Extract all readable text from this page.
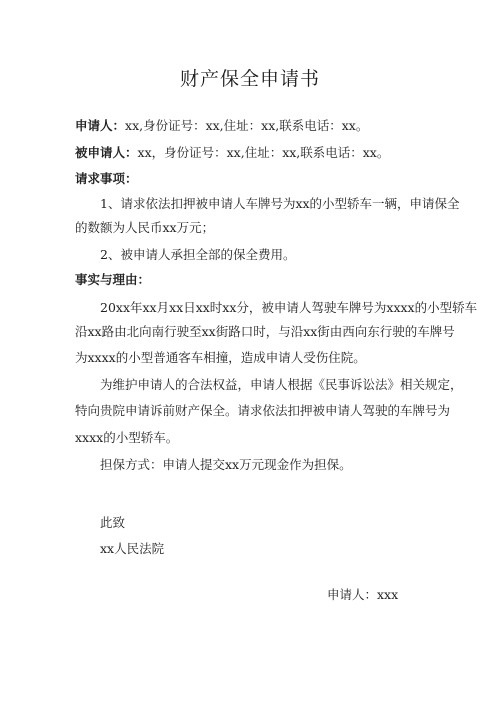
财产保全申请书
申请人：xx,身份证号：xx,住址：xx,联系电话：xx。
被申请人：xx，身份证号：xx,住址：xx,联系电话：xx。
请求事项：
1、请求依法扣押被申请人车牌号为xx的小型轿车一辆，申请保全
的数额为人民币xx万元；
2、被申请人承担全部的保全费用。
事实与理由：
20xx年xx月xx日xx时xx分，被申请人驾驶车牌号为xxxx的小型轿车
沿xx路由北向南行驶至xx街路口时，与沿xx街由西向东行驶的车牌号
为xxxx的小型普通客车相撞，造成申请人受伤住院。
为维护申请人的合法权益，申请人根据《民事诉讼法》相关规定，
特向贵院申请诉前财产保全。请求依法扣押被申请人驾驶的车牌号为
xxxx的小型轿车。
担保方式：申请人提交xx万元现金作为担保。
此致
xx人民法院
申请人：xxx
